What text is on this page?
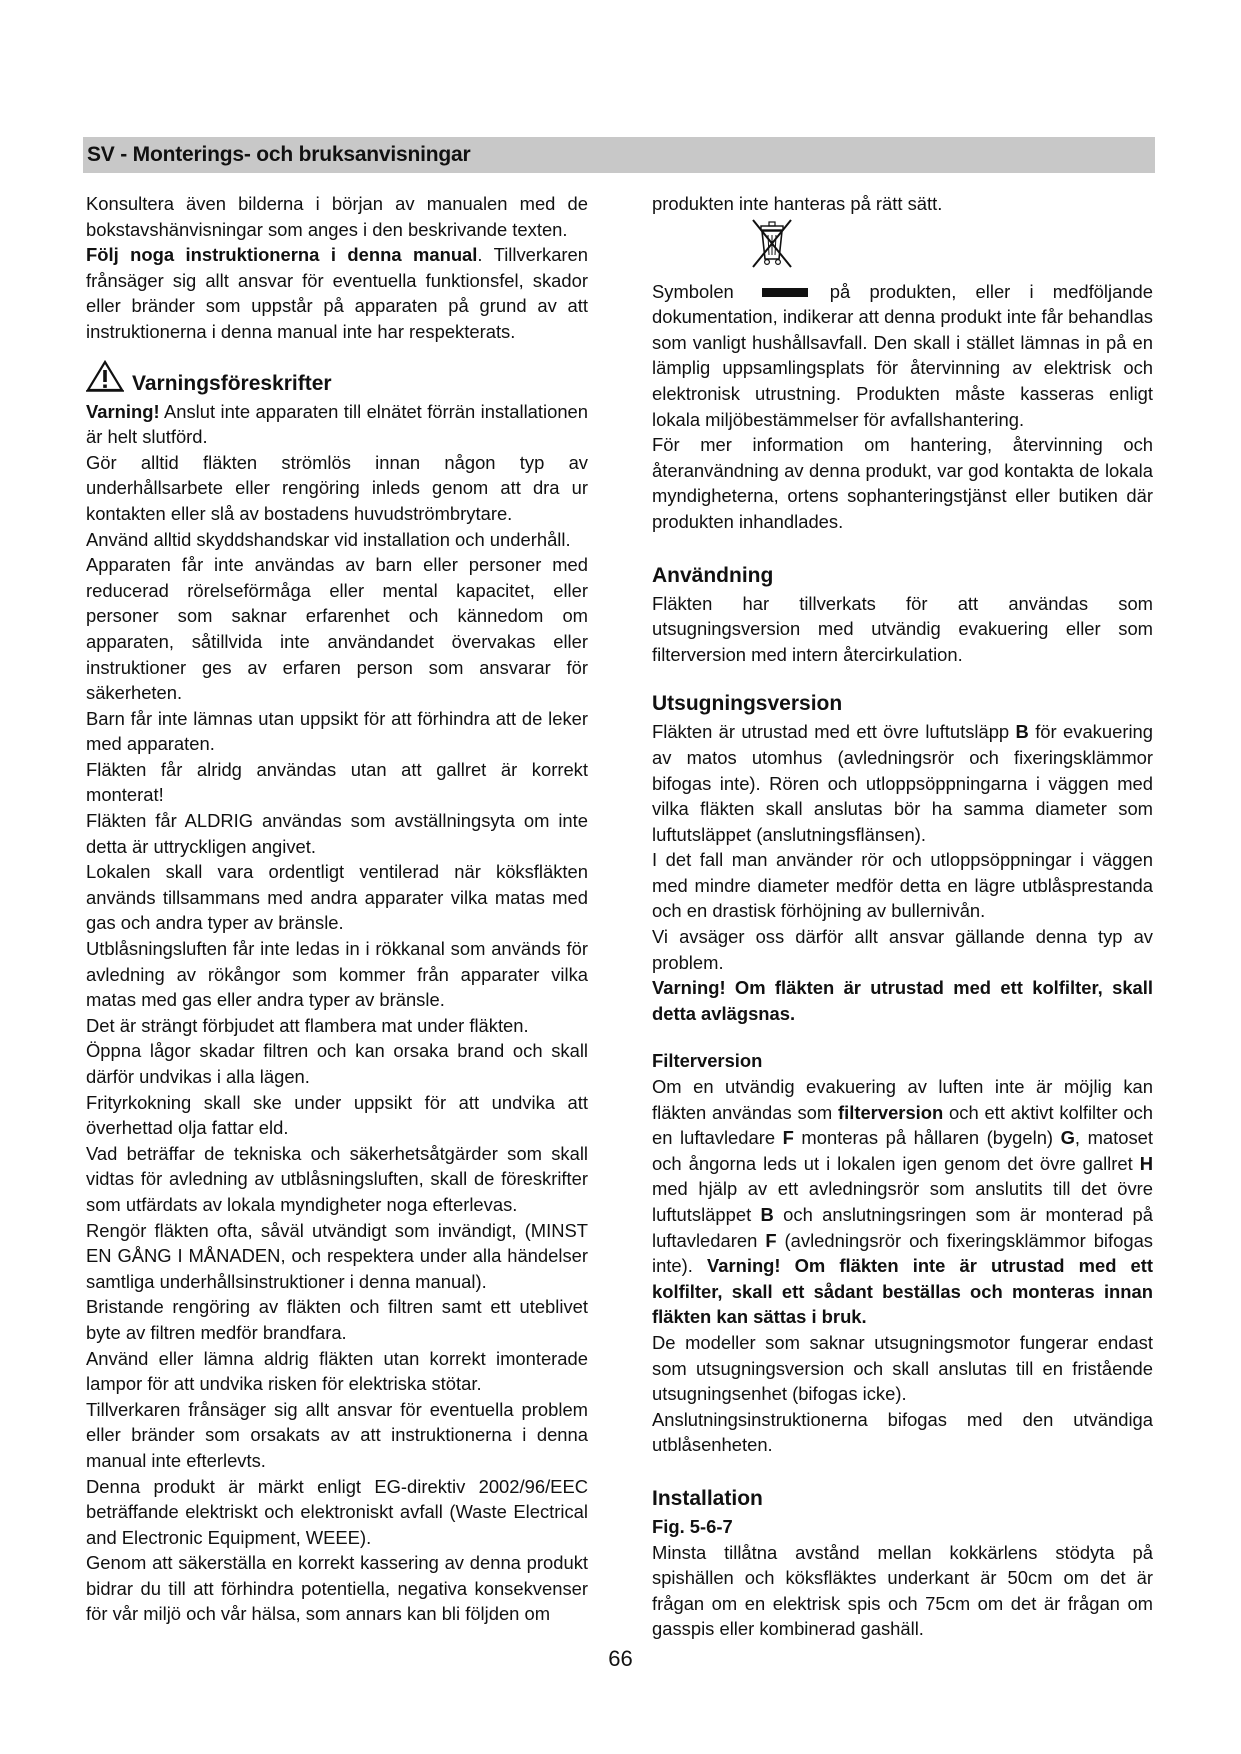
SV - Monterings- och bruksanvisningar

Konsultera även bilderna i början av manualen med de bokstavshänvisningar som anges i den beskrivande texten.

Följ noga instruktionerna i denna manual. Tillverkaren frånsäger sig allt ansvar för eventuella funktionsfel, skador eller bränder som uppstår på apparaten på grund av att instruktionerna i denna manual inte har respekterats.

Varningsföreskrifter

Varning! Anslut inte apparaten till elnätet förrän installationen är helt slutförd.

Gör alltid fläkten strömlös innan någon typ av underhållsarbete eller rengöring inleds genom att dra ur kontakten eller slå av bostadens huvudströmbrytare.

Använd alltid skyddshandskar vid installation och underhåll.

Apparaten får inte användas av barn eller personer med reducerad rörelseförmåga eller mental kapacitet, eller personer som saknar erfarenhet och kännedom om apparaten, såtillvida inte användandet övervakas eller instruktioner ges av erfaren person som ansvarar för säkerheten.

Barn får inte lämnas utan uppsikt för att förhindra att de leker med apparaten.

Fläkten får alridg användas utan att gallret är korrekt monterat!

Fläkten får ALDRIG användas som avställningsyta om inte detta är uttryckligen angivet.

Lokalen skall vara ordentligt ventilerad när köksfläkten används tillsammans med andra apparater vilka matas med gas och andra typer av bränsle.

Utblåsningsluften får inte ledas in i rökkanal som används för avledning av rökångor som kommer från apparater vilka matas med gas eller andra typer av bränsle.

Det är strängt förbjudet att flambera mat under fläkten.

Öppna lågor skadar filtren och kan orsaka brand och skall därför undvikas i alla lägen.

Frityrkokning skall ske under uppsikt för att undvika att överhettad olja fattar eld.

Vad beträffar de tekniska och säkerhetsåtgärder som skall vidtas för avledning av utblåsningsluften, skall de föreskrifter som utfärdats av lokala myndigheter noga efterlevas.

Rengör fläkten ofta, såväl utvändigt som invändigt, (MINST EN GÅNG I MÅNADEN, och respektera under alla händelser samtliga underhållsinstruktioner i denna manual).

Bristande rengöring av fläkten och filtren samt ett uteblivet byte av filtren medför brandfara.

Använd eller lämna aldrig fläkten utan korrekt imonterade lampor för att undvika risken för elektriska stötar.

Tillverkaren frånsäger sig allt ansvar för eventuella problem eller bränder som orsakats av att instruktionerna i denna manual inte efterlevts.

Denna produkt är märkt enligt EG-direktiv 2002/96/EEC beträffande elektriskt och elektroniskt avfall (Waste Electrical and Electronic Equipment, WEEE).

Genom att säkerställa en korrekt kassering av denna produkt bidrar du till att förhindra potentiella, negativa konsekvenser för vår miljö och vår hälsa, som annars kan bli följden om

produkten inte hanteras på rätt sätt.

Symbolen	på produkten, eller i medföljande dokumentation, indikerar att denna produkt inte får behandlas som vanligt hushållsavfall. Den skall i stället lämnas in på en lämplig uppsamlingsplats för återvinning av elektrisk och elektronisk utrustning. Produkten måste kasseras enligt lokala miljöbestämmelser för avfallshantering.

För mer information om hantering, återvinning och återanvändning av denna produkt, var god kontakta de lokala myndigheterna, ortens sophanteringstjänst eller butiken där produkten inhandlades.

Användning

Fläkten har tillverkats för att användas som utsugningsversion med utvändig evakuering eller som filterversion med intern återcirkulation.

Utsugningsversion

Fläkten är utrustad med ett övre luftutsläpp B för evakuering av matos utomhus (avledningsrör och fixeringsklämmor bifogas inte). Rören och utloppsöppningarna i väggen med vilka fläkten skall anslutas bör ha samma diameter som luftutsläppet (anslutningsflänsen).

I det fall man använder rör och utloppsöppningar i väggen med mindre diameter medför detta en lägre utblåsprestanda och en drastisk förhöjning av bullernivån.

Vi avsäger oss därför allt ansvar gällande denna typ av problem.

Varning! Om fläkten är utrustad med ett kolfilter, skall detta avlägsnas.

Filterversion

Om en utvändig evakuering av luften inte är möjlig kan fläkten användas som filterversion och ett aktivt kolfilter och en luftavledare F monteras på hållaren (bygeln) G, matoset och ångorna leds ut i lokalen igen genom det övre gallret H med hjälp av ett avledningsrör som anslutits till det övre luftutsläppet B och anslutningsringen som är monterad på luftavledaren F (avledningsrör och fixeringsklämmor bifogas inte). Varning! Om fläkten inte är utrustad med ett kolfilter, skall ett sådant beställas och monteras innan fläkten kan sättas i bruk.

De modeller som saknar utsugningsmotor fungerar endast som utsugningsversion och skall anslutas till en fristående utsugningsenhet (bifogas icke).

Anslutningsinstruktionerna bifogas med den utvändiga utblåsenheten.

Installation
Fig. 5-6-7

Minsta tillåtna avstånd mellan kokkärlens stödyta på spishällen och köksfläktes underkant är 50cm om det är frågan om en elektrisk spis och 75cm om det är frågan om gasspis eller kombinerad gashäll.

66
